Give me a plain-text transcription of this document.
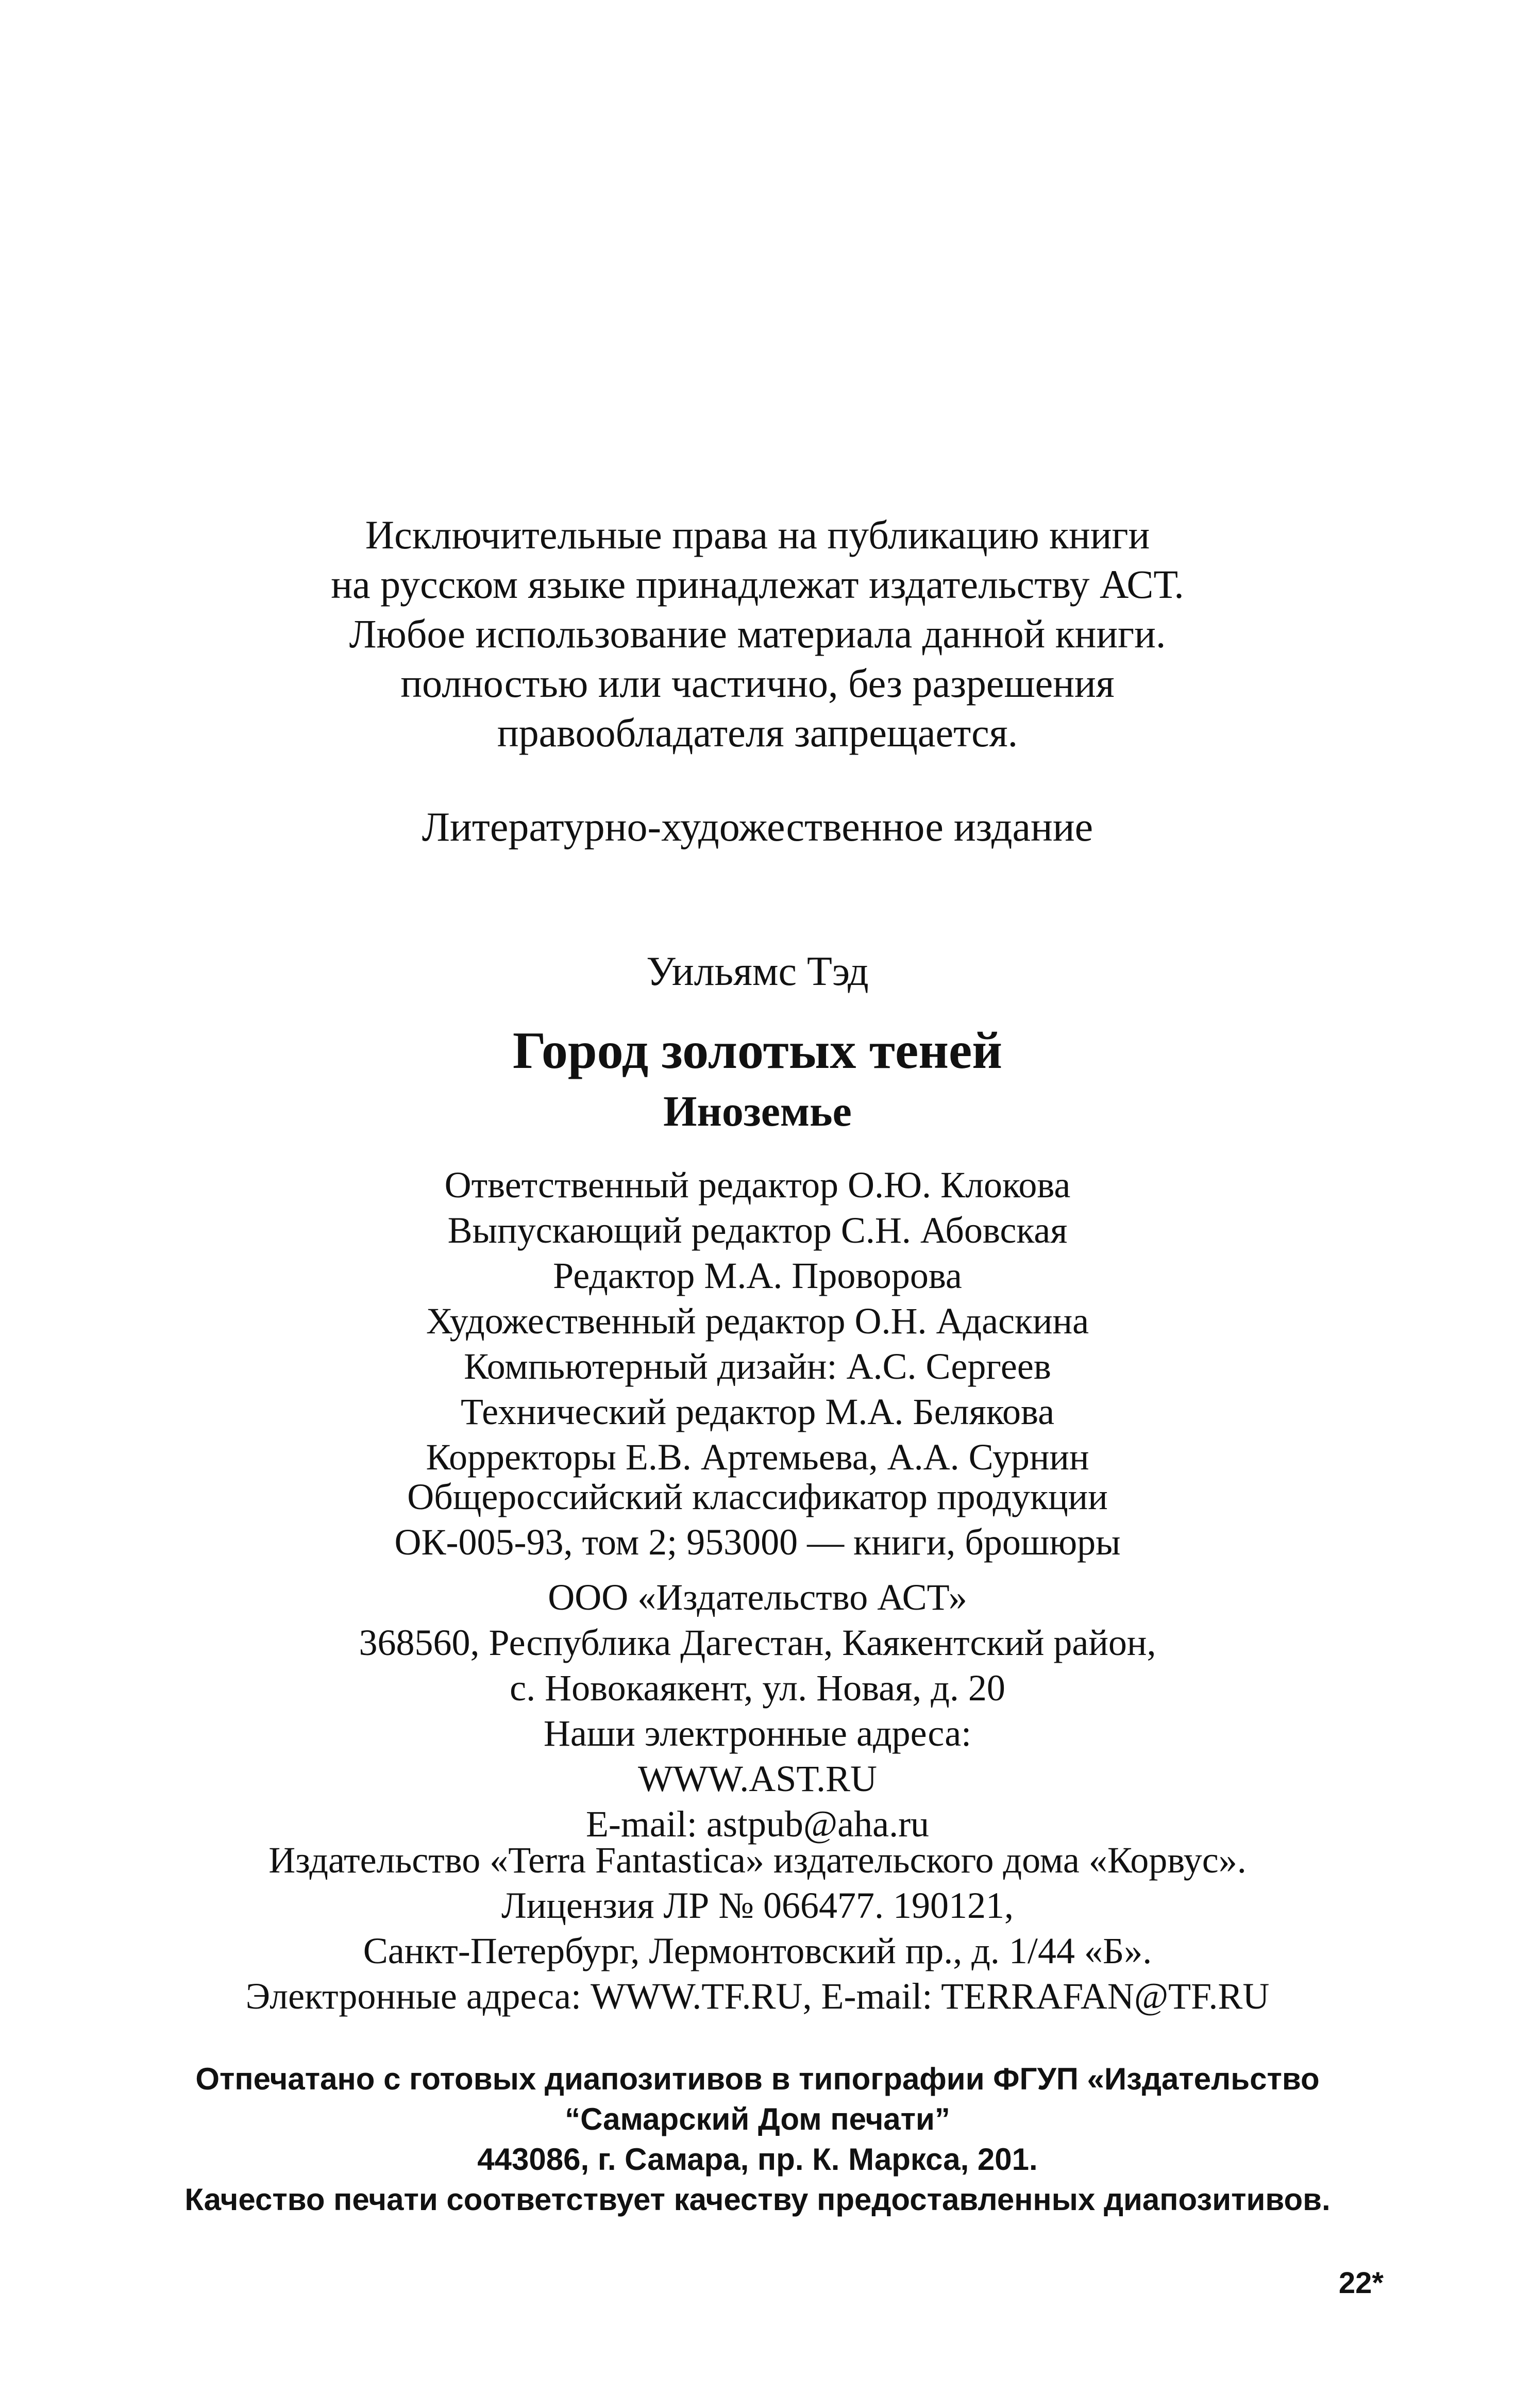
Исключительные права на публикацию книги
на русском языке принадлежат издательству АСТ.
Любое использование материала данной книги.
полностью или частично, без разрешения
правообладателя запрещается.
Литературно-художественное издание
Уильямс Тэд
Город золотых теней
Иноземье
Ответственный редактор О.Ю. Клокова
Выпускающий редактор С.Н. Абовская
Редактор М.А. Проворова
Художественный редактор О.Н. Адаскина
Компьютерный дизайн: А.С. Сергеев
Технический редактор М.А. Белякова
Корректоры Е.В. Артемьева, А.А. Сурнин
Общероссийский классификатор продукции
ОК-005-93, том 2; 953000 — книги, брошюры
ООО «Издательство АСТ»
368560, Республика Дагестан, Каякентский район,
с. Новокаякент, ул. Новая, д. 20
Наши электронные адреса:
WWW.AST.RU
E-mail: astpub@aha.ru
Издательство «Terra Fantastica» издательского дома «Корвус».
Лицензия ЛР № 066477. 190121,
Санкт-Петербург, Лермонтовский пр., д. 1/44 «Б».
Электронные адреса: WWW.TF.RU, E-mail: TERRAFAN@TF.RU
Отпечатано с готовых диапозитивов в типографии ФГУП «Издательство
“Самарский Дом печати”
443086, г. Самара, пр. К. Маркса, 201.
Качество печати соответствует качеству предоставленных диапозитивов.
22*
